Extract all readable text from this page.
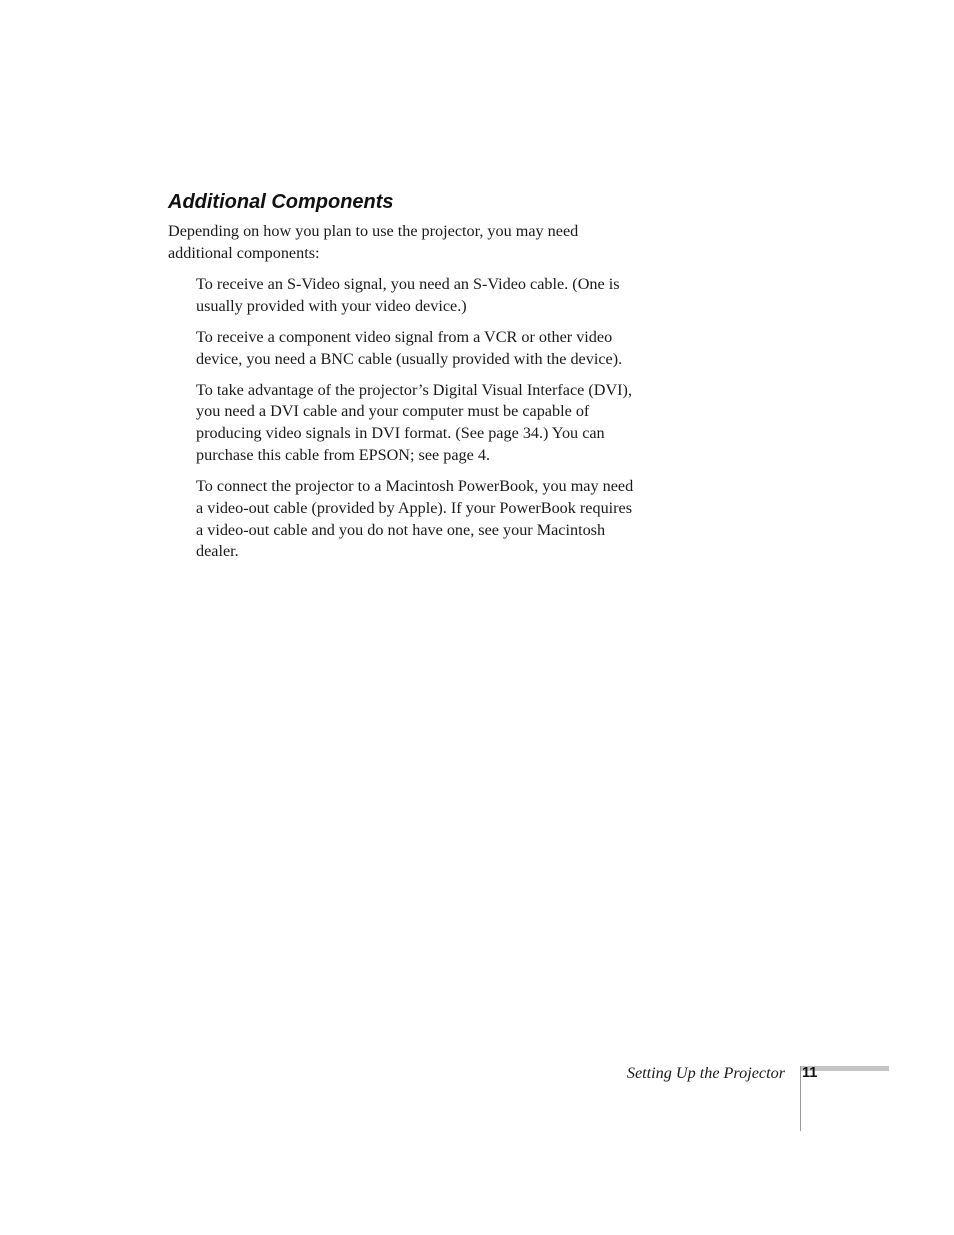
Additional Components

Depending on how you plan to use the projector, you may need additional components:

To receive an S-Video signal, you need an S-Video cable. (One is usually provided with your video device.)
To receive a component video signal from a VCR or other video device, you need a BNC cable (usually provided with the device).
To take advantage of the projector’s Digital Visual Interface (DVI), you need a DVI cable and your computer must be capable of producing video signals in DVI format. (See page 34.) You can purchase this cable from EPSON; see page 4.
To connect the projector to a Macintosh PowerBook, you may need a video-out cable (provided by Apple). If your PowerBook requires a video-out cable and you do not have one, see your Macintosh dealer.
Setting Up the Projector 11
